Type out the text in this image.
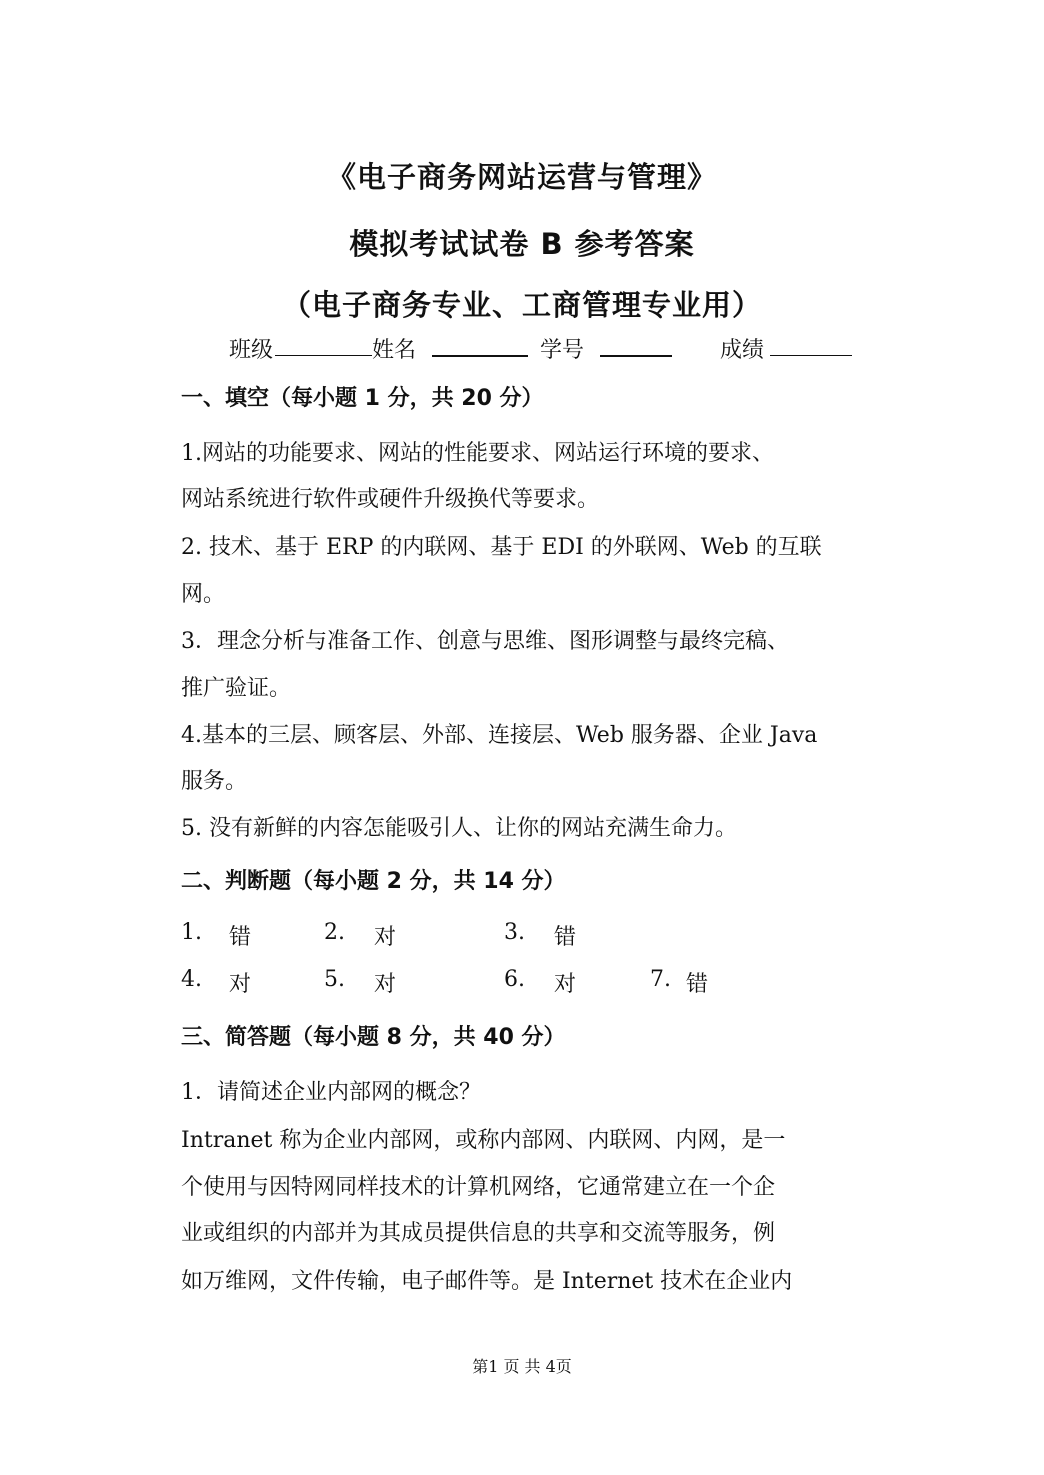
《电子商务网站运营与管理》
模拟考试试卷 B 参考答案
（电子商务专业、工商管理专业用）
班级	姓名	学号	成绩
一、填空（每小题 1 分，共 20 分）
1.网站的功能要求、网站的性能要求、网站运行环境的要求、
网站系统进行软件或硬件升级换代等要求。
2. 技术、基于 ERP 的内联网、基于 EDI 的外联网、Web 的互联
网。
3．理念分析与准备工作、创意与思维、图形调整与最终完稿、
推广验证。
4.基本的三层、顾客层、外部、连接层、Web 服务器、企业 Java
服务。
5. 没有新鲜的内容怎能吸引人、让你的网站充满生命力。
二、判断题（每小题 2 分，共 14 分）
1. 错	2. 对	3. 错
4. 对	5. 对	6. 对	7. 错
三、简答题（每小题 8 分，共 40 分）
1．请简述企业内部网的概念？
Intranet 称为企业内部网，或称内部网、内联网、内网，是一
个使用与因特网同样技术的计算机网络，它通常建立在一个企
业或组织的内部并为其成员提供信息的共享和交流等服务，例
如万维网，文件传输，电子邮件等。是 Internet 技术在企业内
第1 页 共 4页
